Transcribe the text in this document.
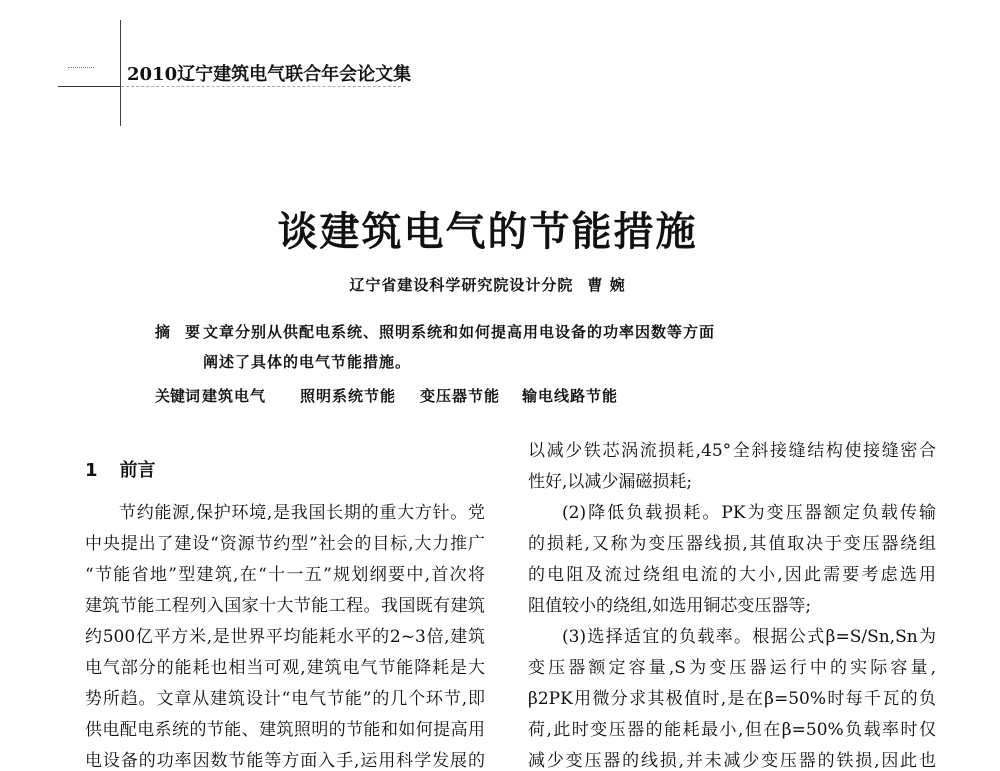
2010辽宁建筑电气联合年会论文集
谈建筑电气的节能措施
辽宁省建设科学研究院设计分院 曹 婉
摘　要 文章分别从供配电系统、照明系统和如何提高用电设备的功率因数等方面
阐述了具体的电气节能措施。
关键词 建筑电气 照明系统节能 变压器节能 输电线路节能
1 前言
节约能源,保护环境,是我国长期的重大方针。党
中央提出了建设“资源节约型”社会的目标,大力推广
“节能省地”型建筑,在“十一五”规划纲要中,首次将
建筑节能工程列入国家十大节能工程。我国既有建筑
约500亿平方米,是世界平均能耗水平的2~3倍,建筑
电气部分的能耗也相当可观,建筑电气节能降耗是大
势所趋。文章从建筑设计“电气节能”的几个环节,即
供电配电系统的节能、建筑照明的节能和如何提高用
电设备的功率因数节能等方面入手,运用科学发展的
以减少铁芯涡流损耗,45°全斜接缝结构使接缝密合
性好,以减少漏磁损耗;
(2)降低负载损耗。PK为变压器额定负载传输
的损耗,又称为变压器线损,其值取决于变压器绕组
的电阻及流过绕组电流的大小,因此需要考虑选用
阻值较小的绕组,如选用铜芯变压器等;
(3)选择适宜的负载率。根据公式β=S/Sn,Sn为
变压器额定容量,S为变压器运行中的实际容量,
β2PK用微分求其极值时,是在β=50%时每千瓦的负
荷,此时变压器的能耗最小,但在β=50%负载率时仅
减少变压器的线损,并未减少变压器的铁损,因此也
